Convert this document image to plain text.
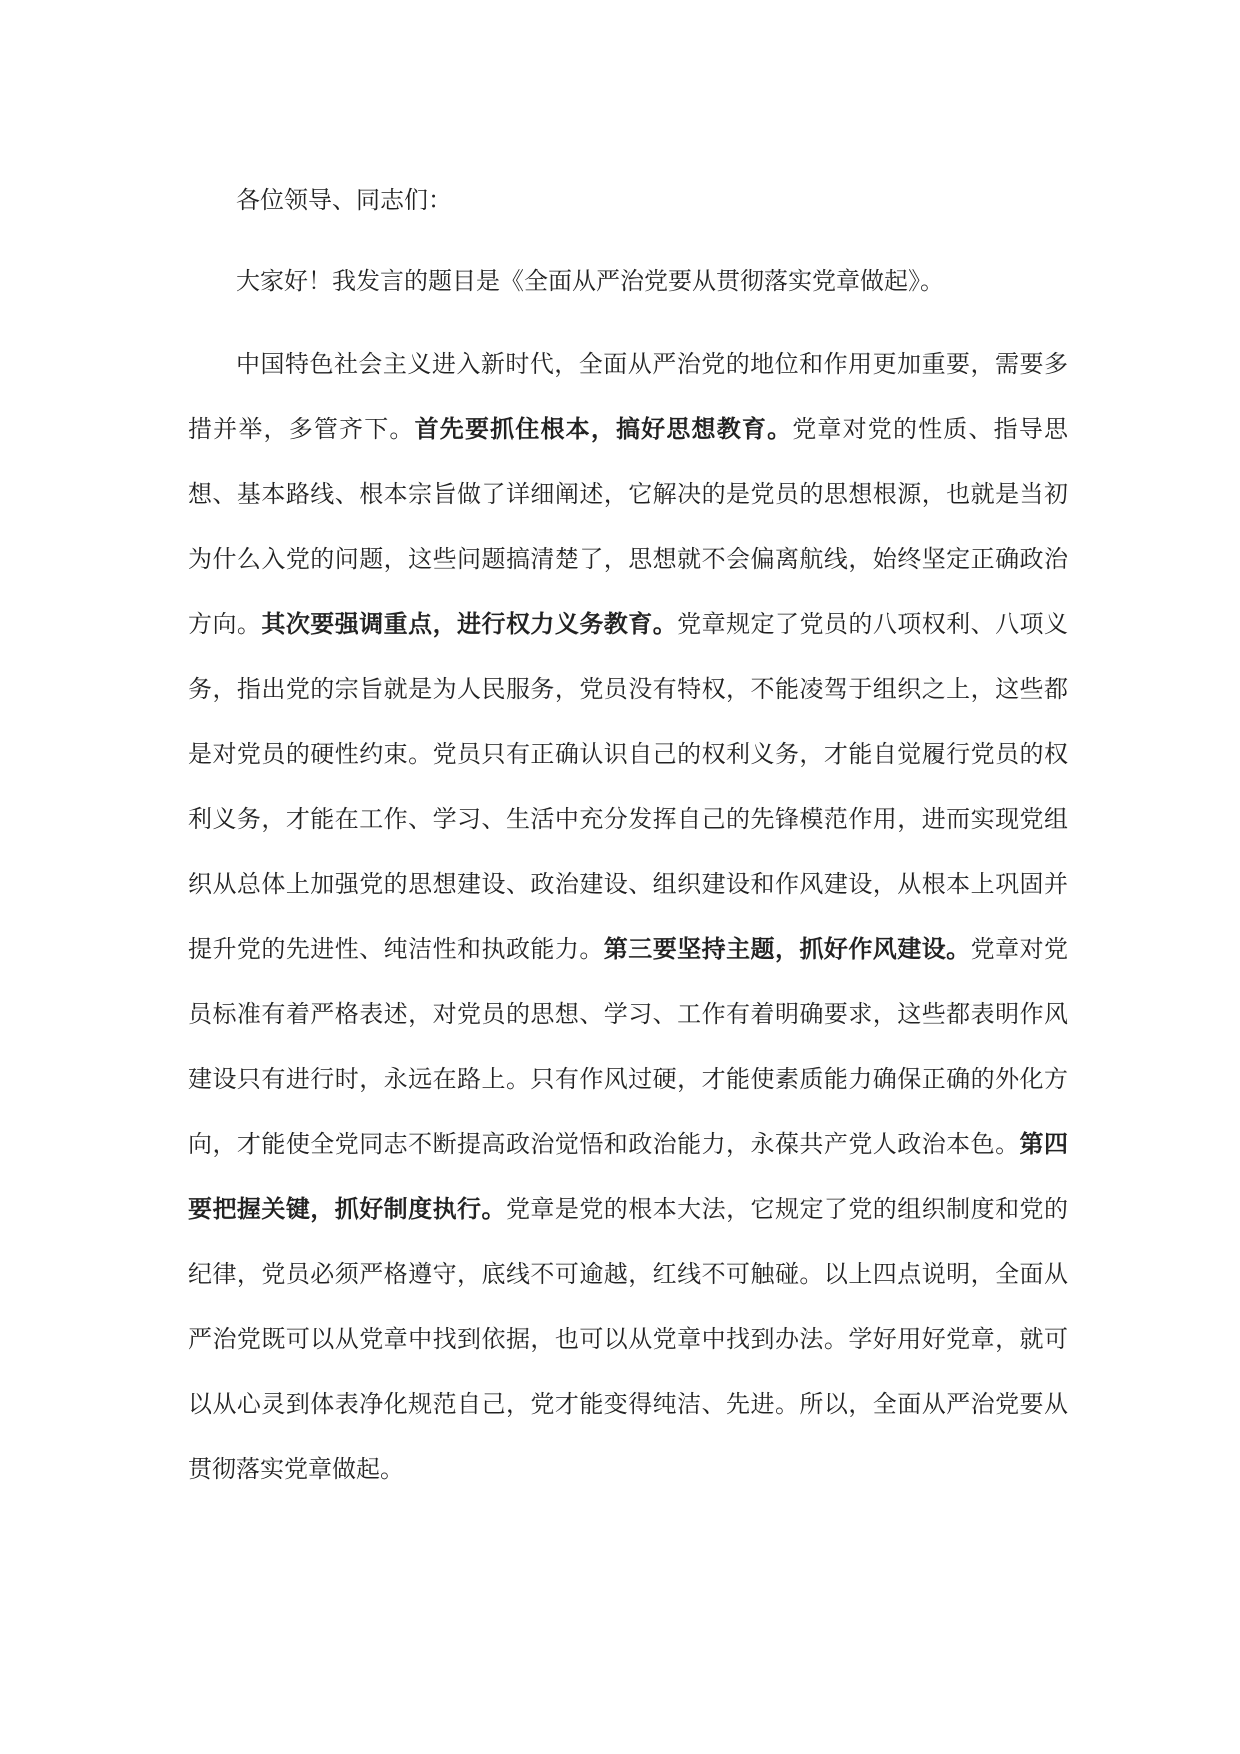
各位领导、同志们：

大家好！我发言的题目是《全面从严治党要从贯彻落实党章做起》。

中国特色社会主义进入新时代，全面从严治党的地位和作用更加重要，需要多措并举，多管齐下。首先要抓住根本，搞好思想教育。党章对党的性质、指导思想、基本路线、根本宗旨做了详细阐述，它解决的是党员的思想根源，也就是当初为什么入党的问题，这些问题搞清楚了，思想就不会偏离航线，始终坚定正确政治方向。其次要强调重点，进行权力义务教育。党章规定了党员的八项权利、八项义务，指出党的宗旨就是为人民服务，党员没有特权，不能凌驾于组织之上，这些都是对党员的硬性约束。党员只有正确认识自己的权利义务，才能自觉履行党员的权利义务，才能在工作、学习、生活中充分发挥自己的先锋模范作用，进而实现党组织从总体上加强党的思想建设、政治建设、组织建设和作风建设，从根本上巩固并提升党的先进性、纯洁性和执政能力。第三要坚持主题，抓好作风建设。党章对党员标准有着严格表述，对党员的思想、学习、工作有着明确要求，这些都表明作风建设只有进行时，永远在路上。只有作风过硬，才能使素质能力确保正确的外化方向，才能使全党同志不断提高政治觉悟和政治能力，永葆共产党人政治本色。第四要把握关键，抓好制度执行。党章是党的根本大法，它规定了党的组织制度和党的纪律，党员必须严格遵守，底线不可逾越，红线不可触碰。以上四点说明，全面从严治党既可以从党章中找到依据，也可以从党章中找到办法。学好用好党章，就可以从心灵到体表净化规范自己，党才能变得纯洁、先进。所以，全面从严治党要从贯彻落实党章做起。
